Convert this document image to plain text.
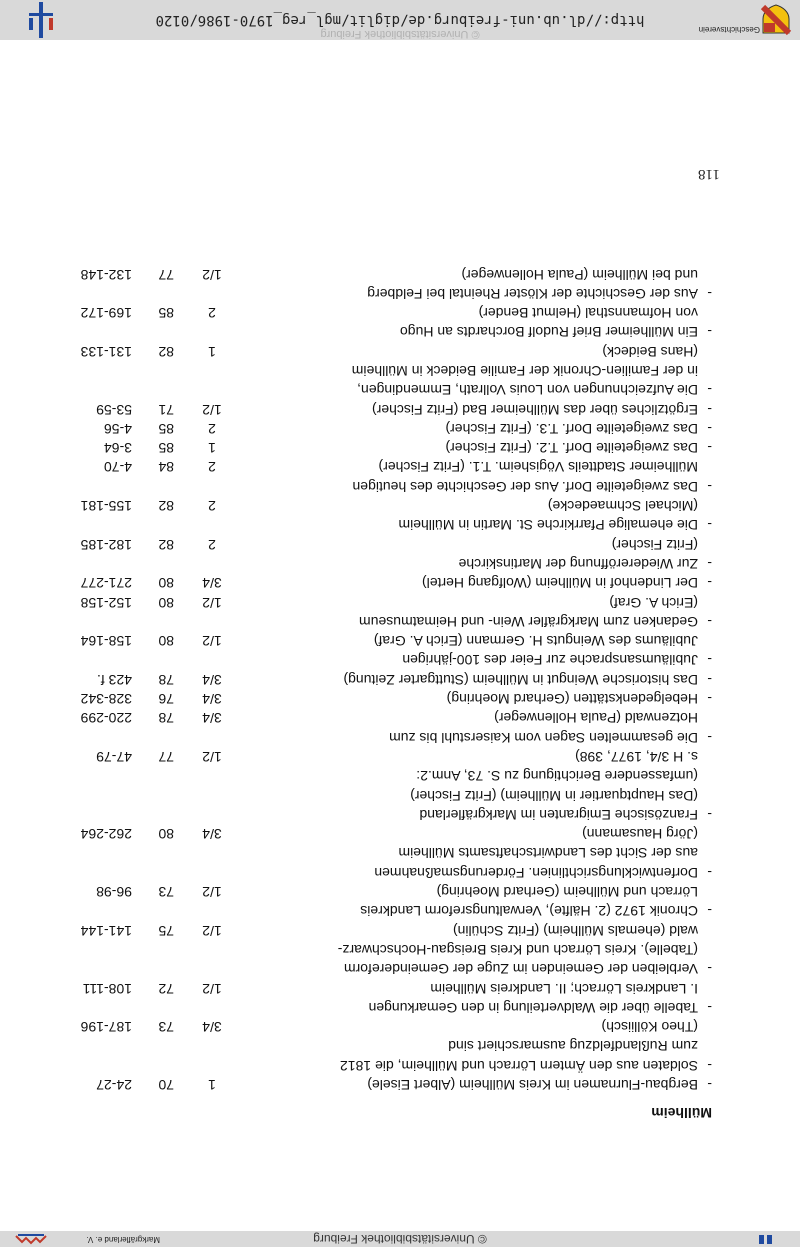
© Universitätsbibliothek Freiburg
Markgräflerland e. V.
Müllheim
-
Bergbau-Flurnamen im Kreis Müllheim (Albert Eisele)
1
70
24-27
-
Soldaten aus den Ämtern Lörrach und Müllheim, die 1812
zum Rußlandfeldzug ausmarschiert sind
(Theo Kölliisch)
3/4
73
187-196
-
Tabelle über die Waldverteilung in den Gemarkungen
I. Landkreis Lörrach; II. Landkreis Müllheim
1/2
72
108-111
-
Verbleiben der Gemeinden im Zuge der Gemeindereform
(Tabelle). Kreis Lörrach und Kreis Breisgau-Hochschwarz-
wald (ehemals Müllheim) (Fritz Schülin)
1/2
75
141-144
-
Chronik 1972 (2. Hälfte), Verwaltungsreform Landkreis
Lörrach und Müllheim (Gerhard Moehring)
1/2
73
96-98
-
Dorfentwicklungsrichtlinien. Förderungsmaßnahmen
aus der Sicht des Landwirtschaftsamts Müllheim
(Jörg Hausamann)
3/4
80
262-264
-
Französische Emigranten im Markgräflerland
(Das Hauptquartier in Müllheim) (Fritz Fischer)
(umfassendere Berichtigung zu S. 73, Anm.2:
s. H 3/4, 1977, 398)
1/2
77
47-79
-
Die gesammelten Sagen vom Kaiserstuhl bis zum
Hotzenwald (Paula Hollenweger)
3/4
78
220-299
-
Hebelgedenkstätten (Gerhard Moehring)
3/4
76
328-342
-
Das historische Weingut in Müllheim (Stuttgarter Zeitung)
3/4
78
423 f.
-
Jubiläumsansprache zur Feier des 100-jährigen
Jubiläums des Weinguts H. Germann (Erich A. Graf)
1/2
80
158-164
-
Gedanken zum Markgräfler Wein- und Heimatmuseum
(Erich A. Graf)
1/2
80
152-158
-
Der Lindenhof in Müllheim (Wolfgang Hertel)
3/4
80
271-277
-
Zur Wiedereröffnung der Martinskirche
(Fritz Fischer)
2
82
182-185
-
Die ehemalige Pfarrkirche St. Martin in Müllheim
(Michael Schmaedecke)
2
82
155-181
-
Das zweigeteilte Dorf. Aus der Geschichte des heutigen
Müllheimer Stadtteils Vögisheim. T.1. (Fritz Fischer)
2
84
4-70
-
Das zweigeteilte Dorf. T.2. (Fritz Fischer)
1
85
3-64
-
Das zweigeteilte Dorf. T.3. (Fritz Fischer)
2
85
4-56
-
Ergötzliches über das Müllheimer Bad (Fritz Fischer)
1/2
71
53-59
-
Die Aufzeichnungen von Louis Vollrath, Emmendingen,
in der Familien-Chronik der Familie Beideck in Müllheim
(Hans Beideck)
1
82
131-133
-
Ein Müllheimer Brief Rudolf Borchardts an Hugo
von Hofmannsthal (Helmut Bender)
2
85
169-172
-
Aus der Geschichte der Klöster Rheintal bei Feldberg
und bei Müllheim (Paula Hollenweger)
1/2
77
132-148
118
© Universitätsbibliothek Freiburg	Geschichtsverein
http://dl.ub.uni-freiburg.de/diglit/mgl_reg_1970-1986/0120
